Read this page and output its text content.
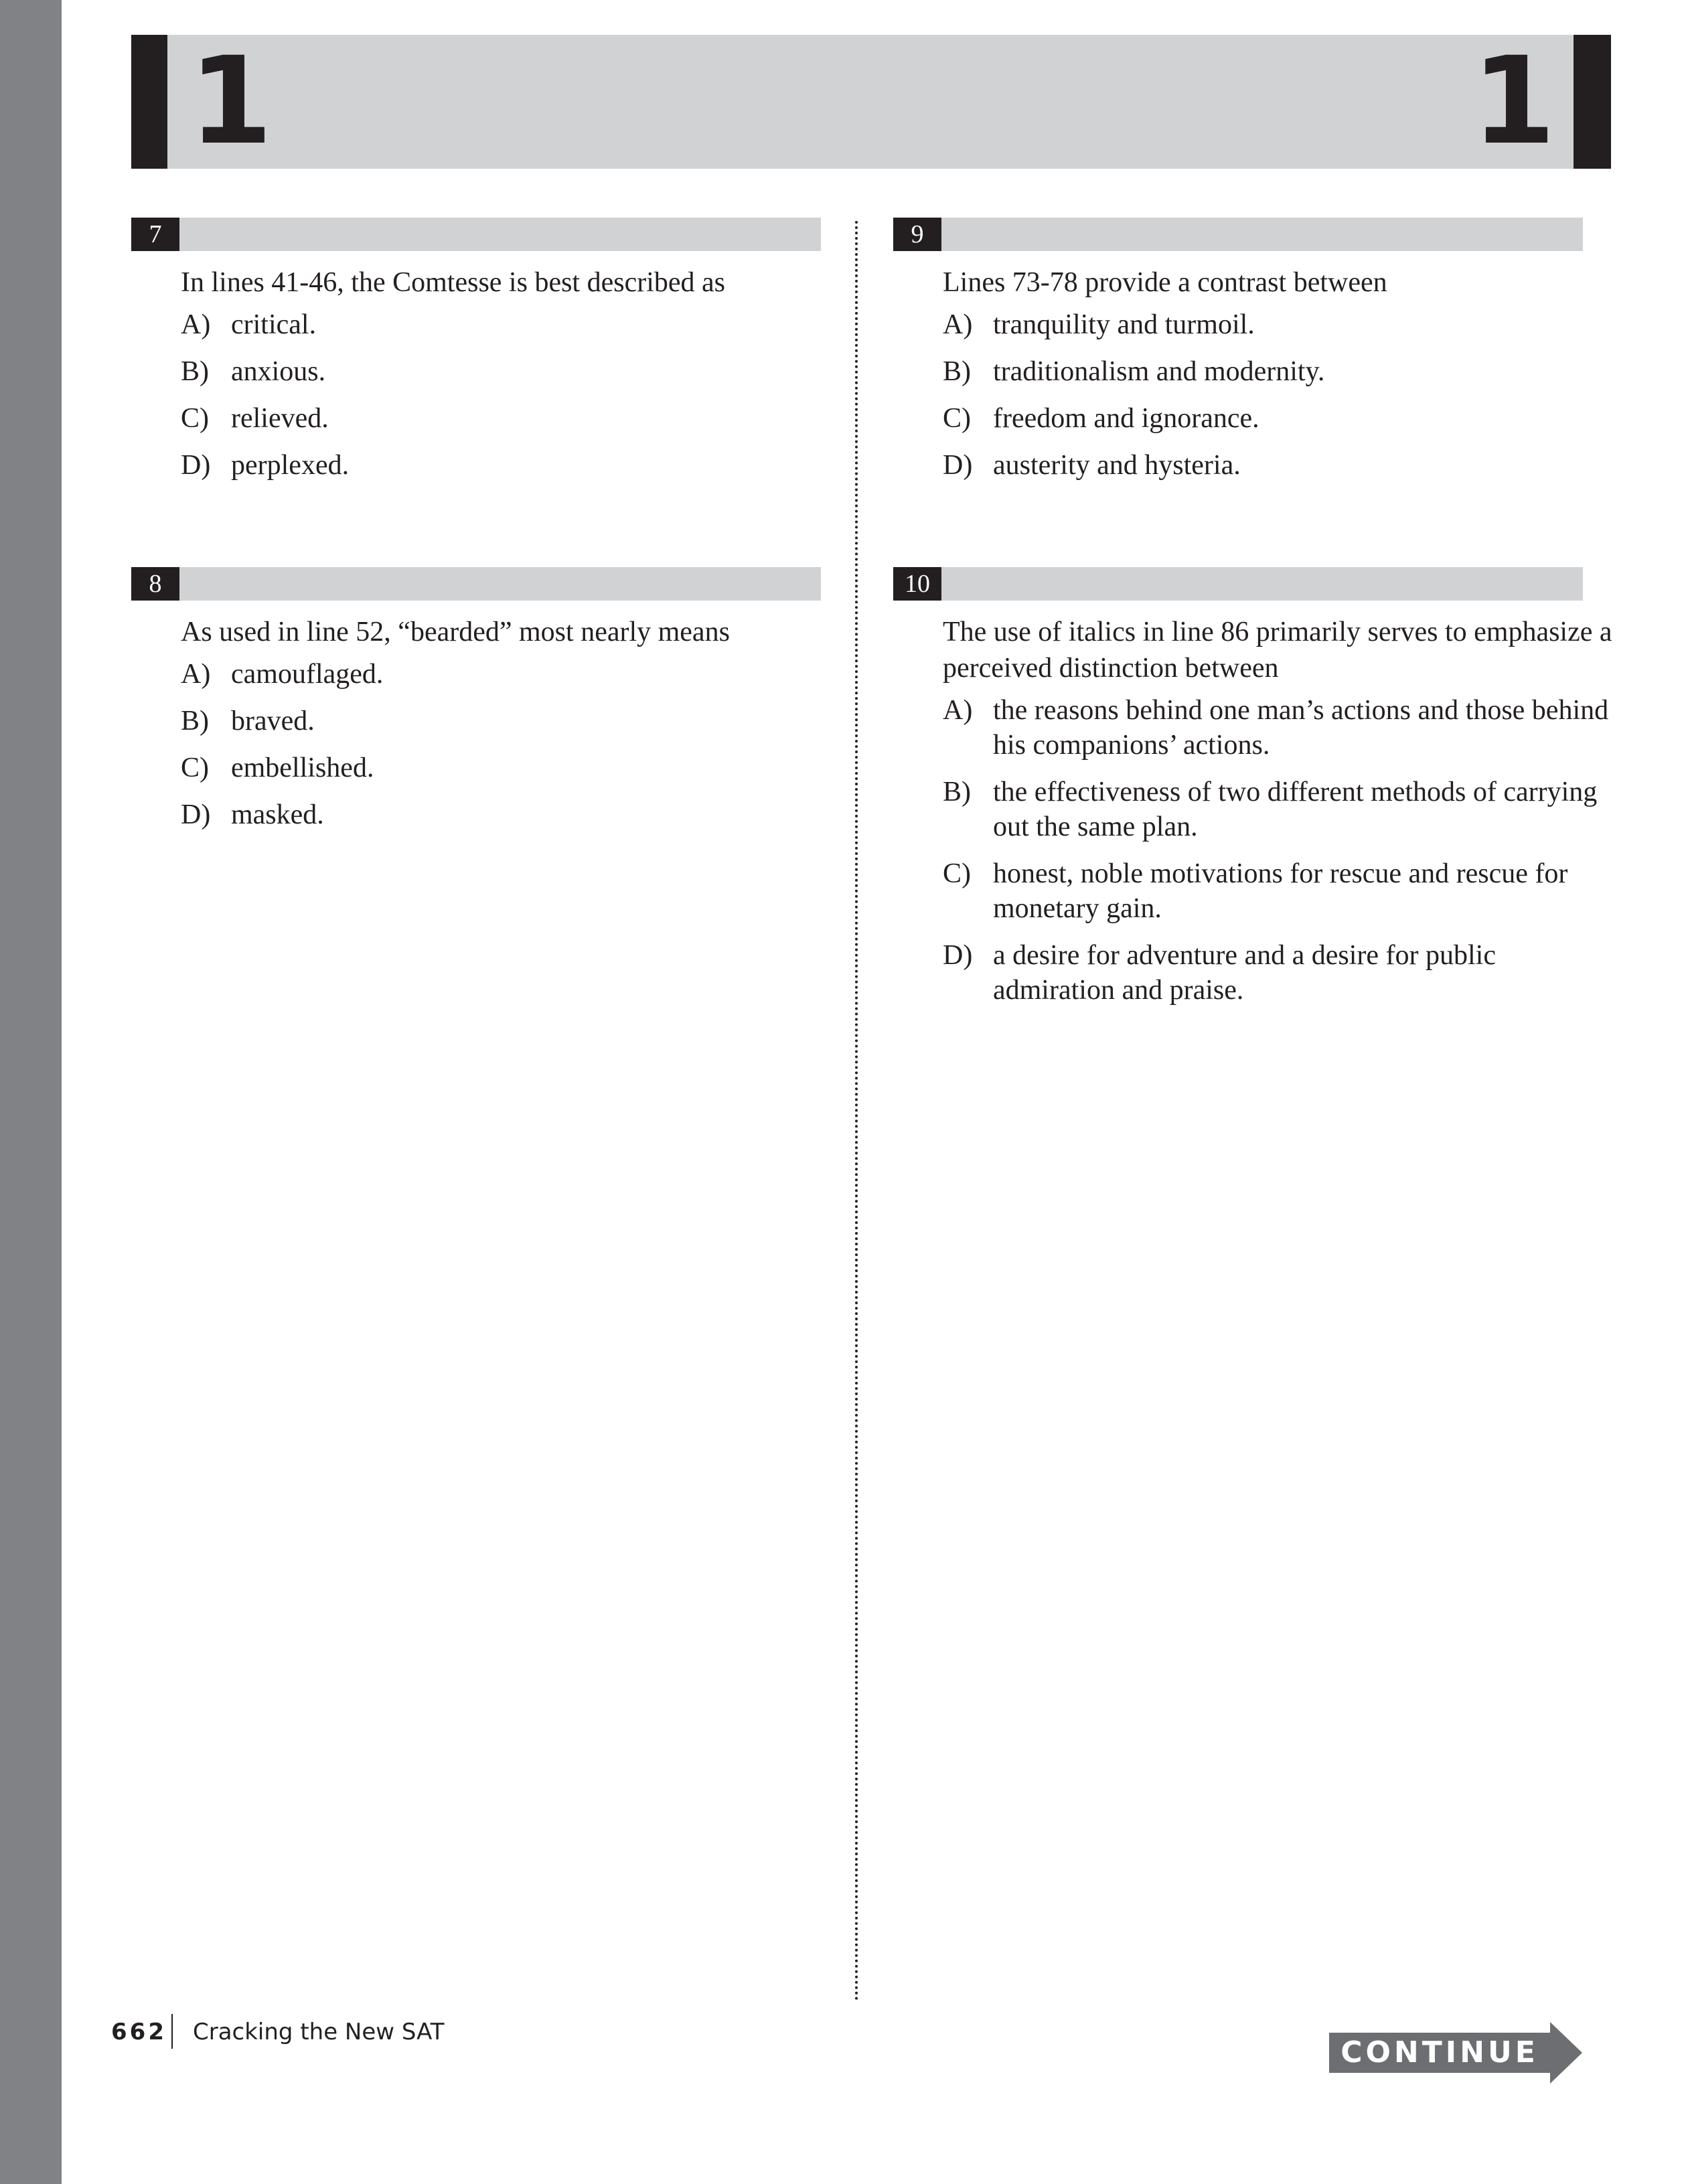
1	1
7
In lines 41-46, the Comtesse is best described as
A) critical.
B) anxious.
C) relieved.
D) perplexed.
8
As used in line 52, “bearded” most nearly means
A) camouflaged.
B) braved.
C) embellished.
D) masked.
9
Lines 73-78 provide a contrast between
A) tranquility and turmoil.
B) traditionalism and modernity.
C) freedom and ignorance.
D) austerity and hysteria.
10
The use of italics in line 86 primarily serves to emphasize a perceived distinction between
A) the reasons behind one man’s actions and those behind his companions’ actions.
B) the effectiveness of two different methods of carrying out the same plan.
C) honest, noble motivations for rescue and rescue for monetary gain.
D) a desire for adventure and a desire for public admiration and praise.
662 Cracking the New SAT
CONTINUE
